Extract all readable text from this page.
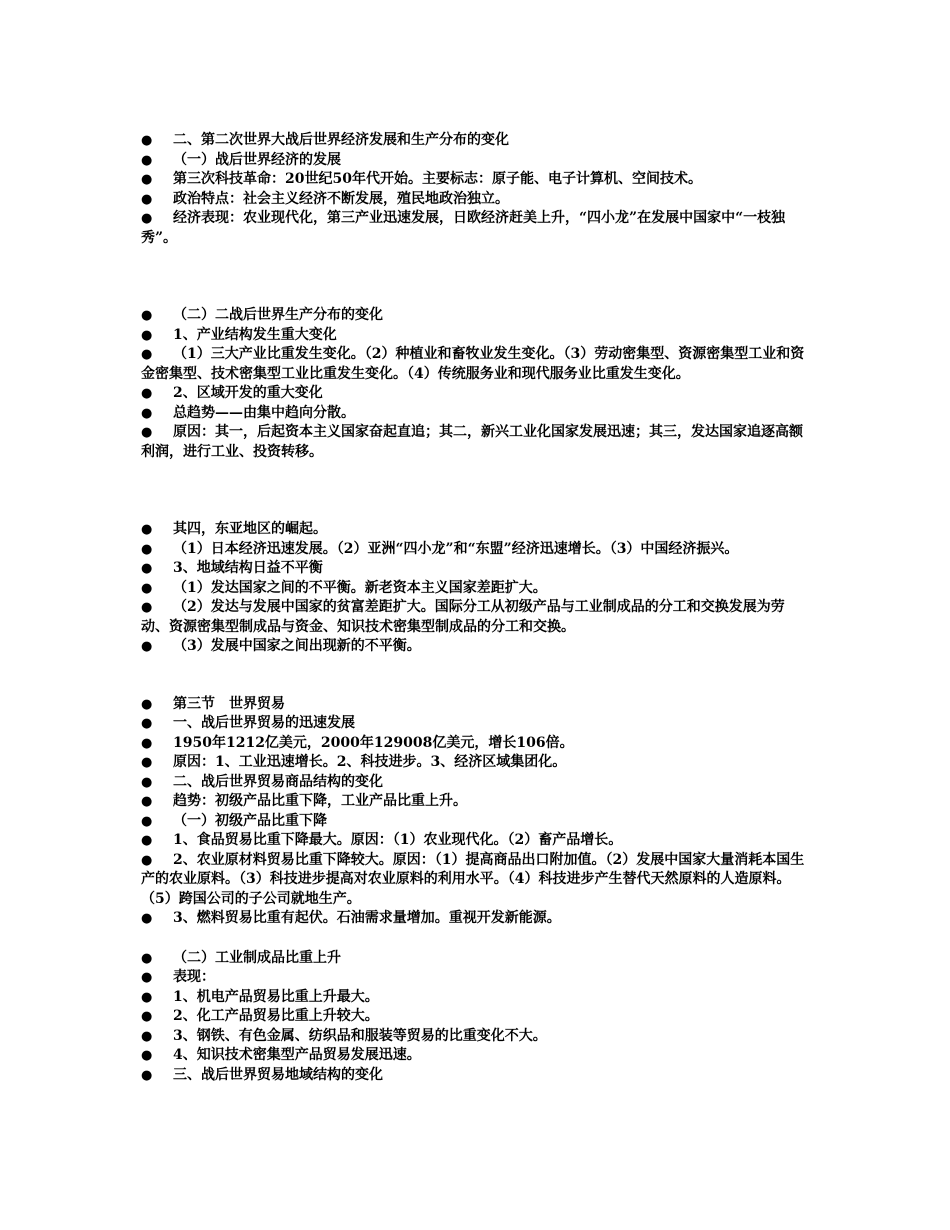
● 二、第二次世界大战后世界经济发展和生产分布的变化
● （一）战后世界经济的发展
● 第三次科技革命：20世纪50年代开始。主要标志：原子能、电子计算机、空间技术。
● 政治特点：社会主义经济不断发展，殖民地政治独立。
● 经济表现：农业现代化，第三产业迅速发展，日欧经济赶美上升，“四小龙”在发展中国家中“一枝独秀”。
● （二）二战后世界生产分布的变化
● 1、产业结构发生重大变化
● （1）三大产业比重发生变化。（2）种植业和畜牧业发生变化。（3）劳动密集型、资源密集型工业和资金密集型、技术密集型工业比重发生变化。（4）传统服务业和现代服务业比重发生变化。
● 2、区域开发的重大变化
● 总趋势——由集中趋向分散。
● 原因：其一，后起资本主义国家奋起直追；其二，新兴工业化国家发展迅速；其三，发达国家追逐高额利润，进行工业、投资转移。
● 其四，东亚地区的崛起。
● （1）日本经济迅速发展。（2）亚洲“四小龙”和“东盟”经济迅速增长。（3）中国经济振兴。
● 3、地域结构日益不平衡
● （1）发达国家之间的不平衡。新老资本主义国家差距扩大。
● （2）发达与发展中国家的贫富差距扩大。国际分工从初级产品与工业制成品的分工和交换发展为劳动、资源密集型制成品与资金、知识技术密集型制成品的分工和交换。
● （3）发展中国家之间出现新的不平衡。
● 第三节　世界贸易
● 一、战后世界贸易的迅速发展
● 1950年1212亿美元，2000年129008亿美元，增长106倍。
● 原因：1、工业迅速增长。2、科技进步。3、经济区域集团化。
● 二、战后世界贸易商品结构的变化
● 趋势：初级产品比重下降，工业产品比重上升。
● （一）初级产品比重下降
● 1、食品贸易比重下降最大。原因：（1）农业现代化。（2）畜产品增长。
● 2、农业原材料贸易比重下降较大。原因：（1）提高商品出口附加值。（2）发展中国家大量消耗本国生产的农业原料。（3）科技进步提高对农业原料的利用水平。（4）科技进步产生替代天然原料的人造原料。（5）跨国公司的子公司就地生产。
● 3、燃料贸易比重有起伏。石油需求量增加。重视开发新能源。
● （二）工业制成品比重上升
● 表现：
● 1、机电产品贸易比重上升最大。
● 2、化工产品贸易比重上升较大。
● 3、钢铁、有色金属、纺织品和服装等贸易的比重变化不大。
● 4、知识技术密集型产品贸易发展迅速。
● 三、战后世界贸易地域结构的变化
